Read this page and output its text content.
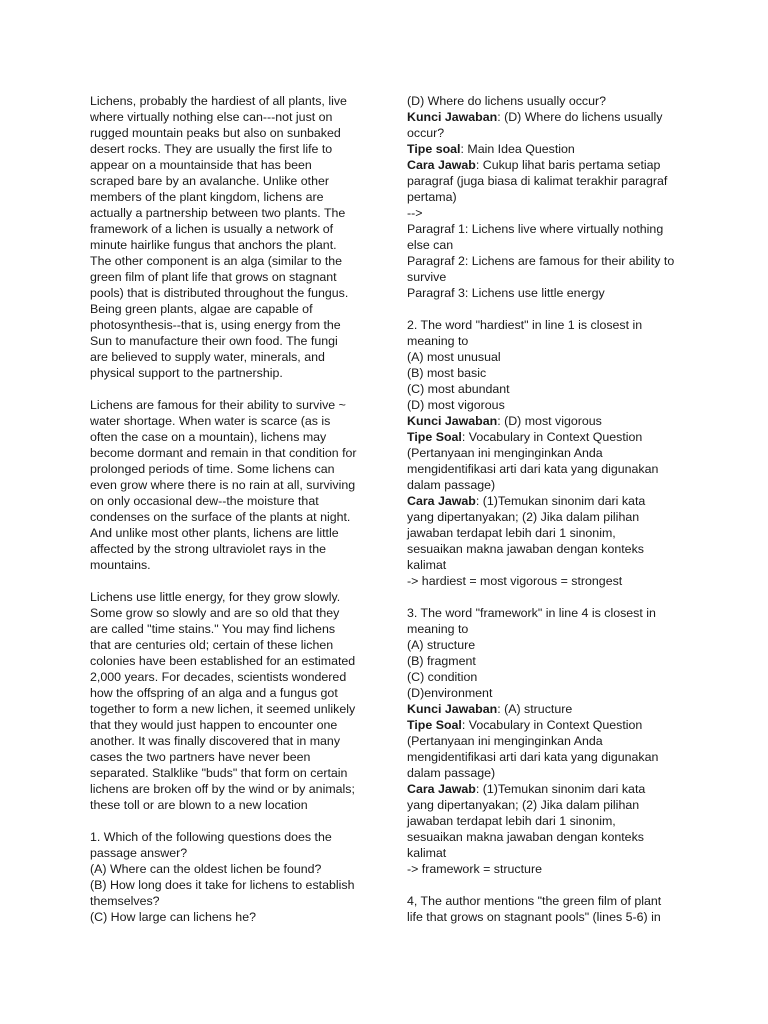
Lichens, probably the hardiest of all plants, live
where virtually nothing else can---not just on
rugged mountain peaks but also on sunbaked
desert rocks. They are usually the first life to
appear on a mountainside that has been
scraped bare by an avalanche. Unlike other
members of the plant kingdom, lichens are
actually a partnership between two plants. The
framework of a lichen is usually a network of
minute hairlike fungus that anchors the plant.
The other component is an alga (similar to the
green film of plant life that grows on stagnant
pools) that is distributed throughout the fungus.
Being green plants, algae are capable of
photosynthesis--that is, using energy from the
Sun to manufacture their own food. The fungi
are believed to supply water, minerals, and
physical support to the partnership.
Lichens are famous for their ability to survive ~
water shortage. When water is scarce (as is
often the case on a mountain), lichens may
become dormant and remain in that condition for
prolonged periods of time. Some lichens can
even grow where there is no rain at all, surviving
on only occasional dew--the moisture that
condenses on the surface of the plants at night.
And unlike most other plants, lichens are little
affected by the strong ultraviolet rays in the
mountains.
Lichens use little energy, for they grow slowly.
Some grow so slowly and are so old that they
are called "time stains." You may find lichens
that are centuries old; certain of these lichen
colonies have been established for an estimated
2,000 years. For decades, scientists wondered
how the offspring of an alga and a fungus got
together to form a new lichen, it seemed unlikely
that they would just happen to encounter one
another. It was finally discovered that in many
cases the two partners have never been
separated. Stalklike "buds" that form on certain
lichens are broken off by the wind or by animals;
these toll or are blown to a new location
1. Which of the following questions does the
passage answer?
(A) Where can the oldest lichen be found?
(B) How long does it take for lichens to establish
themselves?
(C) How large can lichens he?
(D) Where do lichens usually occur?
Kunci Jawaban: (D) Where do lichens usually
occur?
Tipe soal: Main Idea Question
Cara Jawab: Cukup lihat baris pertama setiap
paragraf (juga biasa di kalimat terakhir paragraf
pertama)
-->
Paragraf 1: Lichens live where virtually nothing
else can
Paragraf 2: Lichens are famous for their ability to
survive
Paragraf 3: Lichens use little energy
2. The word "hardiest" in line 1 is closest in
meaning to
(A) most unusual
(B) most basic
(C) most abundant
(D) most vigorous
Kunci Jawaban: (D) most vigorous
Tipe Soal: Vocabulary in Context Question
(Pertanyaan ini menginginkan Anda
mengidentifikasi arti dari kata yang digunakan
dalam passage)
Cara Jawab: (1)Temukan sinonim dari kata
yang dipertanyakan; (2) Jika dalam pilihan
jawaban terdapat lebih dari 1 sinonim,
sesuaikan makna jawaban dengan konteks
kalimat
-> hardiest = most vigorous = strongest
3. The word "framework" in line 4 is closest in
meaning to
(A) structure
(B) fragment
(C) condition
(D)environment
Kunci Jawaban: (A) structure
Tipe Soal: Vocabulary in Context Question
(Pertanyaan ini menginginkan Anda
mengidentifikasi arti dari kata yang digunakan
dalam passage)
Cara Jawab: (1)Temukan sinonim dari kata
yang dipertanyakan; (2) Jika dalam pilihan
jawaban terdapat lebih dari 1 sinonim,
sesuaikan makna jawaban dengan konteks
kalimat
-> framework = structure
4, The author mentions "the green film of plant
life that grows on stagnant pools" (lines 5-6) in
